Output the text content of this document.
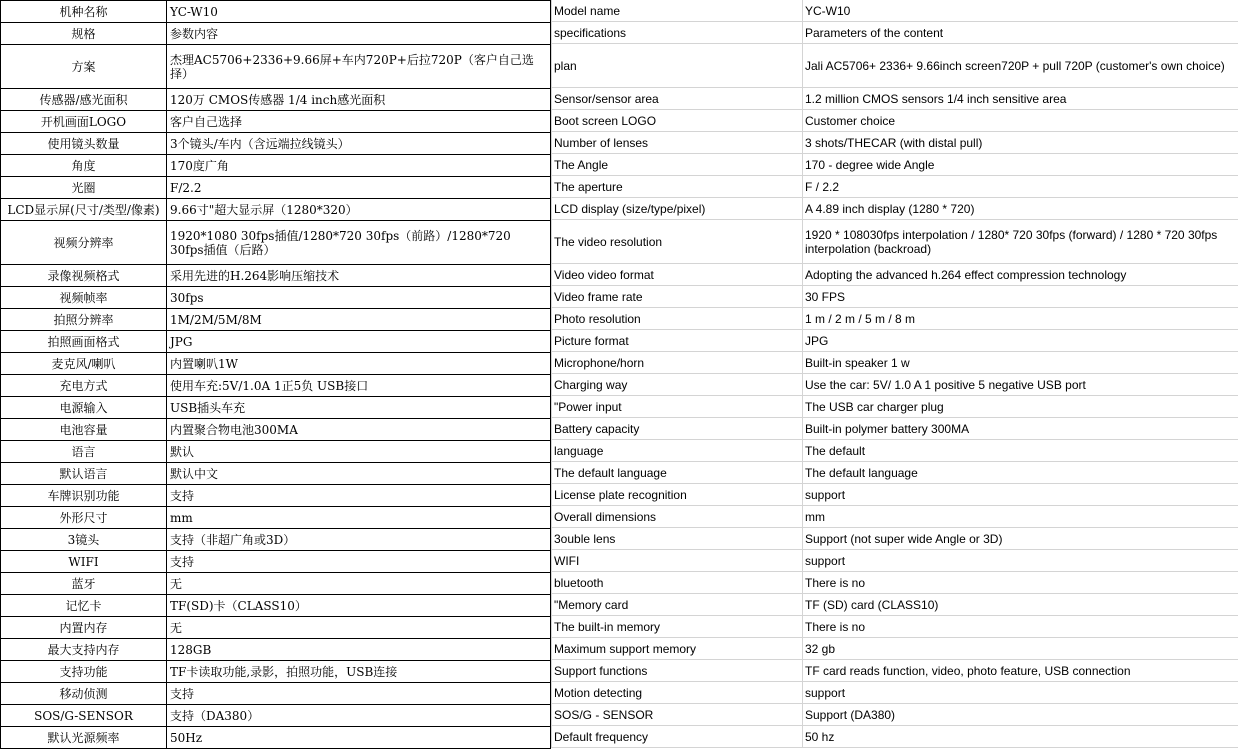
机种名称	YC-W10
规格	参数内容
方案	杰理AC5706+2336+9.66屏+车内720P+后拉720P（客户自己选择）
传感器/感光面积	120万 CMOS传感器 1/4 inch感光面积
开机画面LOGO	客户自己选择
使用镜头数量	3个镜头/车内（含远端拉线镜头）
角度	170度广角
光圈	F/2.2
LCD显示屏(尺寸/类型/像素)	9.66寸"超大显示屏（1280*320）
视频分辨率	1920*1080 30fps插值/1280*720 30fps（前路）/1280*720 30fps插值（后路）
录像视频格式	采用先进的H.264影响压缩技术
视频帧率	30fps
拍照分辨率	1M/2M/5M/8M
拍照画面格式	JPG
麦克风/喇叭	内置喇叭1W
充电方式	使用车充:5V/1.0A 1正5负 USB接口
电源输入	USB插头车充
电池容量	内置聚合物电池300MA
语言	默认
默认语言	默认中文
车牌识别功能	支持
外形尺寸	mm
3镜头	支持（非超广角或3D）
WIFI	支持
蓝牙	无
记忆卡	TF(SD)卡（CLASS10）
内置内存	无
最大支持内存	128GB
支持功能	TF卡读取功能,录影，拍照功能，USB连接
移动侦测	支持
SOS/G-SENSOR	支持（DA380）
默认光源频率	50Hz
Model name	YC-W10
specifications	Parameters of the content
plan	Jali AC5706+ 2336+ 9.66inch screen720P + pull 720P (customer's own choice)
Sensor/sensor area	1.2 million CMOS sensors 1/4 inch sensitive area
Boot screen LOGO	Customer choice
Number of lenses	3 shots/THECAR (with distal pull)
The Angle	170 - degree wide Angle
The aperture	F / 2.2
LCD display (size/type/pixel)	A 4.89 inch display (1280 * 720)
The video resolution	1920 * 108030fps interpolation / 1280* 720 30fps (forward) / 1280 * 720 30fps interpolation (backroad)
Video video format	Adopting the advanced h.264 effect compression technology
Video frame rate	30 FPS
Photo resolution	1 m / 2 m / 5 m / 8 m
Picture format	JPG
Microphone/horn	Built-in speaker 1 w
Charging way	Use the car: 5V/ 1.0 A 1 positive 5 negative USB port
"Power input	The USB car charger plug
Battery capacity	Built-in polymer battery 300MA
language	The default
The default language	The default language
License plate recognition	support
Overall dimensions	mm
3ouble lens	Support (not super wide Angle or 3D)
WIFI	support
bluetooth	There is no
"Memory card	TF (SD) card (CLASS10)
The built-in memory	There is no
Maximum support memory	32 gb
Support functions	TF card reads function, video, photo feature, USB connection
Motion detecting	support
SOS/G - SENSOR	Support (DA380)
Default frequency	50 hz
